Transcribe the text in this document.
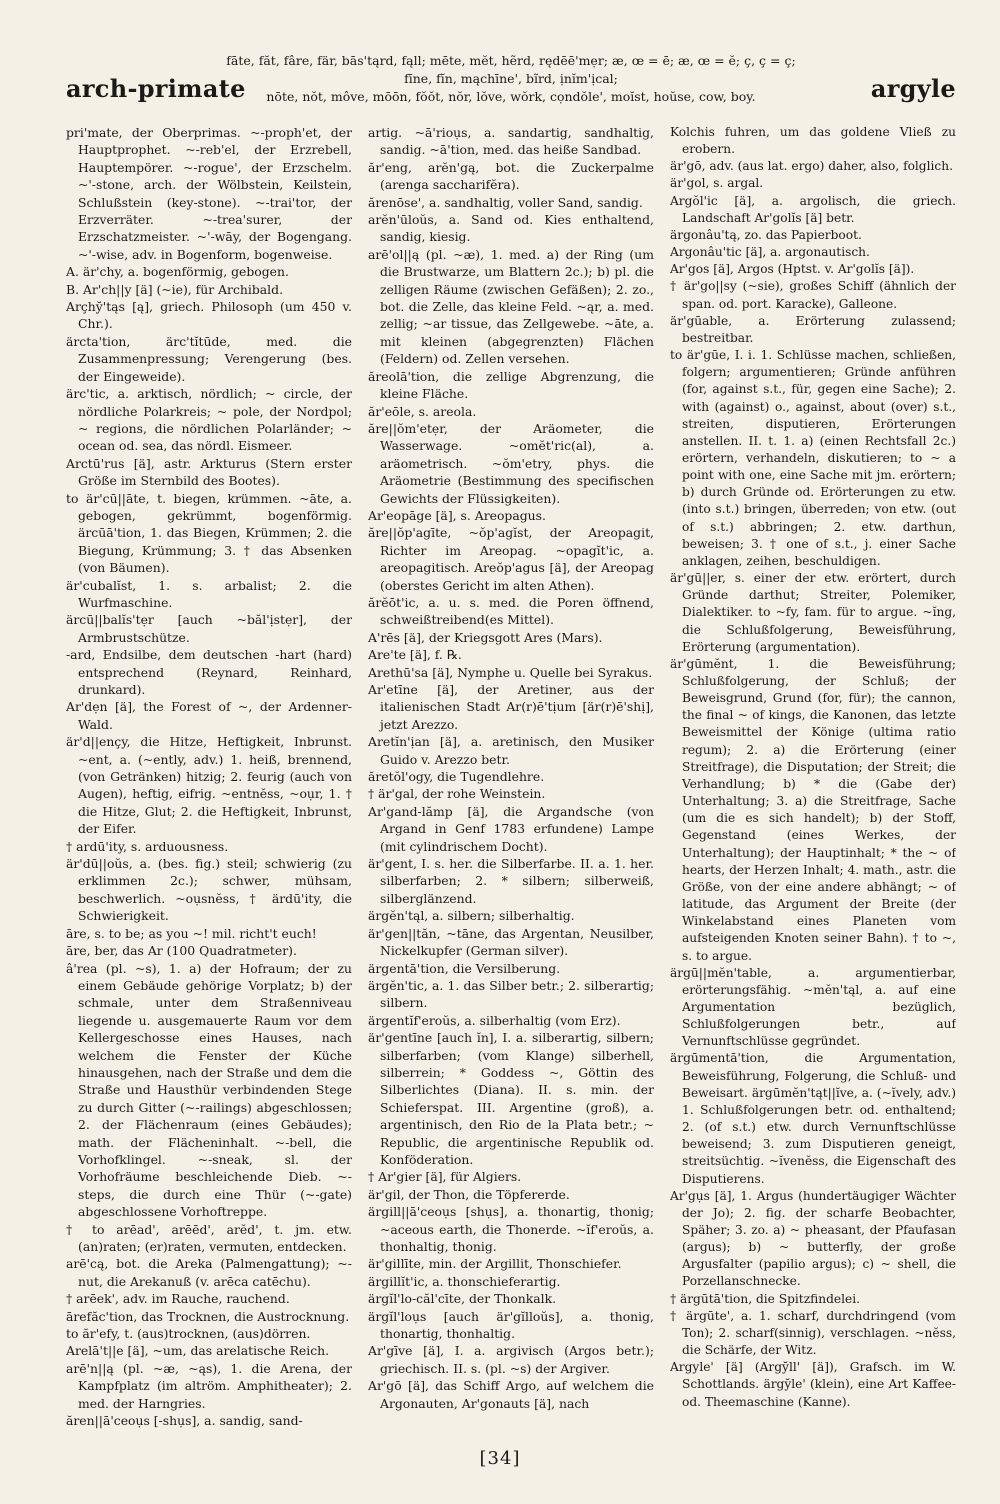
arch-primate
fāte, făt, fâre, fär, bās'tąrd, fąll; mēte, mĕt, hẽrd, rędēē'mẹr; æ, œ = ē; æ, œ = ĕ; ç, ç = ç;
fīne, fĭn, mąchīne', bĩrd, ịnĭm'ịcal;
nōte, nŏt, môve, mōōn, fŏŏt, nŏr, lŏve, wŏrk, cọndŏle', moĭst, hoŭse, cow, boy.	argyle

pri'mate, der Oberprimas. ~-proph'et, der Hauptprophet. ~-reb'el, der Erzrebell, Hauptempörer. ~-rogue', der Erzschelm. ~'-stone, arch. der Wölbstein, Keilstein, Schlußstein (key-stone). ~-trai'tor, der Erzverräter. ~-trea'surer, der Erzschatzmeister. ~'-wāy, der Bogengang. ~'-wise, adv. in Bogenform, bogenweise.

A. är'chy, a. bogenförmig, gebogen.

B. Ar'ch||y [ä] (~ie), für Archibald.

Arçhy̆'tąs [ą], griech. Philosoph (um 450 v. Chr.).

ärcta'tion, ärc'tĭtūde, med. die Zusammenpressung; Verengerung (bes. der Eingeweide).

ärc'tic, a. arktisch, nördlich; ~ circle, der nördliche Polarkreis; ~ pole, der Nordpol; ~ regions, die nördlichen Polarländer; ~ ocean od. sea, das nördl. Eismeer.

Arctū'rus [ä], astr. Arkturus (Stern erster Größe im Sternbild des Bootes).

to är'cū||āte, t. biegen, krümmen. ~āte, a. gebogen, gekrümmt, bogenförmig. ärcūā'tion, 1. das Biegen, Krümmen; 2. die Biegung, Krümmung; 3. † das Absenken (von Bäumen).

är'cubalĭst, 1. s. arbalist; 2. die Wurfmaschine.

ärcū||balĭs'tẹr [auch ~băl'ịstẹr], der Armbrustschütze.

-ard, Endsilbe, dem deutschen -hart (hard) entsprechend (Reynard, Reinhard, drunkard).

Ar'dẹn [ä], the Forest of ~, der Ardenner-Wald.

är'd||ençy, die Hitze, Heftigkeit, Inbrunst. ~ent, a. (~ently, adv.) 1. heiß, brennend, (von Getränken) hitzig; 2. feurig (auch von Augen), heftig, eifrig. ~entnĕss, ~oụr, 1. † die Hitze, Glut; 2. die Heftigkeit, Inbrunst, der Eifer.

† ardū'ity, s. arduousness.

är'dū||oŭs, a. (bes. fig.) steil; schwierig (zu erklimmen 2c.); schwer, mühsam, beschwerlich. ~oụsnĕss, † ärdū'ity, die Schwierigkeit.

āre, s. to be; as you ~! mil. richt't euch!

āre, ber, das Ar (100 Quadratmeter).

â'rea (pl. ~s), 1. a) der Hofraum; der zu einem Gebäude gehörige Vorplatz; b) der schmale, unter dem Straßenniveau liegende u. ausgemauerte Raum vor dem Kellergeschosse eines Hauses, nach welchem die Fenster der Küche hinausgehen, nach der Straße und dem die Straße und Hausthür verbindenden Stege zu durch Gitter (~-railings) abgeschlossen; 2. der Flächenraum (eines Gebäudes); math. der Flächeninhalt. ~-bell, die Vorhofklingel. ~-sneak, sl. der Vorhofräume beschleichende Dieb. ~-steps, die durch eine Thür (~-gate) abgeschlossene Vorhoftreppe.

† to arēad', arēēd', arĕd', t. jm. etw. (an)raten; (er)raten, vermuten, entdecken.

arē'cą, bot. die Areka (Palmengattung); ~-nut, die Arekanuß (v. arēca catēchu).

† arēek', adv. im Rauche, rauchend.

ārefăc'tion, das Trocknen, die Austrocknung.

to ăr'efy, t. (aus)trocknen, (aus)dörren.

Arelā't||e [ä], ~um, das arelatische Reich.

arē'n||ą (pl. ~æ, ~ąs), 1. die Arena, der Kampfplatz (im altröm. Amphitheater); 2. med. der Harngries.

ăren||ā'ceoụs [-shụs], a. sandig, sand-

artig. ~ā'rioụs, a. sandartig, sandhaltig, sandig. ~ā'tion, med. das heiße Sandbad.

ăr'eng, arĕn'gą, bot. die Zuckerpalme (arenga saccharifĕra).

ărenōse', a. sandhaltig, voller Sand, sandig.

arĕn'ūloŭs, a. Sand od. Kies enthaltend, sandig, kiesig.

arē'ol||ą (pl. ~æ), 1. med. a) der Ring (um die Brustwarze, um Blattern 2c.); b) pl. die zelligen Räume (zwischen Gefäßen); 2. zo., bot. die Zelle, das kleine Feld. ~ąr, a. med. zellig; ~ar tissue, das Zellgewebe. ~āte, a. mit kleinen (abgegrenzten) Flächen (Feldern) od. Zellen versehen.

ăreolā'tion, die zellige Abgrenzung, die kleine Fläche.

ăr'eōle, s. areola.

ăre||ŏm'etẹr, der Aräometer, die Wasserwage. ~omĕt'ric(al), a. aräometrisch. ~ŏm'etry, phys. die Aräometrie (Bestimmung des specifischen Gewichts der Flüssigkeiten).

Ar'eopāge [ä], s. Areopagus.

ăre||ŏp'agīte, ~ŏp'agĭst, der Areopagit, Richter im Areopag. ~opagĭt'ic, a. areopagitisch. Areŏp'agus [ä], der Areopag (oberstes Gericht im alten Athen).

ărĕōt'ic, a. u. s. med. die Poren öffnend, schweißtreibend(es Mittel).

A'rēs [ä], der Kriegsgott Ares (Mars).

Are'te [ä], f. ℞.

Arethū'sa [ä], Nymphe u. Quelle bei Syrakus.

Ar'etīne [ä], der Aretiner, aus der italienischen Stadt Ar(r)ē'tịum [är(r)ē'shị], jetzt Arezzo.

Aretĭn'ịan [ä], a. aretinisch, den Musiker Guido v. Arezzo betr.

ăretŏl'ogy, die Tugendlehre.

† är'gal, der rohe Weinstein.

Ar'gand-lămp [ä], die Argandsche (von Argand in Genf 1783 erfundene) Lampe (mit cylindrischem Docht).

är'gent, I. s. her. die Silberfarbe. II. a. 1. her. silberfarben; 2. * silbern; silberweiß, silberglänzend.

ärgĕn'tąl, a. silbern; silberhaltig.

är'gen||tăn, ~tāne, das Argentan, Neusilber, Nickelkupfer (German silver).

ärgentā'tion, die Versilberung.

ärgĕn'tic, a. 1. das Silber betr.; 2. silberartig; silbern.

ärgentĭf'eroŭs, a. silberhaltig (vom Erz).

är'gentīne [auch ĭn], I. a. silberartig, silbern; silberfarben; (vom Klange) silberhell, silberrein; * Goddess ~, Göttin des Silberlichtes (Diana). II. s. min. der Schieferspat. III. Argentine (groß), a. argentinisch, den Rio de la Plata betr.; ~ Republic, die argentinische Republik od. Konföderation.

† Ar'gier [ä], für Algiers.

är'gil, der Thon, die Töpfererde.

ärgill||ā'ceoụs [shụs], a. thonartig, thonig; ~aceous earth, die Thonerde. ~ĭf'eroŭs, a. thonhaltig, thonig.

är'gillīte, min. der Argillit, Thonschiefer.

ärgillĭt'ic, a. thonschieferartig.

ärgĭl'lo-căl'cīte, der Thonkalk.

ärgĭl'loụs [auch är'gĭlloŭs], a. thonig, thonartig, thonhaltig.

Ar'gīve [ä], I. a. argivisch (Argos betr.); griechisch. II. s. (pl. ~s) der Argiver.

Ar'gō [ä], das Schiff Argo, auf welchem die Argonauten, Ar'gonauts [ä], nach

Kolchis fuhren, um das goldene Vließ zu erobern.

är'gō, adv. (aus lat. ergo) daher, also, folglich.

är'gol, s. argal.

Argŏl'ic [ä], a. argolisch, die griech. Landschaft Ar'golĭs [ä] betr.

ärgonâu'tą, zo. das Papierboot.

Argonâu'tic [ä], a. argonautisch.

Ar'gos [ä], Argos (Hptst. v. Ar'golĭs [ä]).

† är'go||sy (~sie), großes Schiff (ähnlich der span. od. port. Karacke), Galleone.

är'gūable, a. Erörterung zulassend; bestreitbar.

to är'gūe, I. i. 1. Schlüsse machen, schließen, folgern; argumentieren; Gründe anführen (for, against s.t., für, gegen eine Sache); 2. with (against) o., against, about (over) s.t., streiten, disputieren, Erörterungen anstellen. II. t. 1. a) (einen Rechtsfall 2c.) erörtern, verhandeln, diskutieren; to ~ a point with one, eine Sache mit jm. erörtern; b) durch Gründe od. Erörterungen zu etw. (into s.t.) bringen, überreden; von etw. (out of s.t.) abbringen; 2. etw. darthun, beweisen; 3. † one of s.t., j. einer Sache anklagen, zeihen, beschuldigen.

är'gū||er, s. einer der etw. erörtert, durch Gründe darthut; Streiter, Polemiker, Dialektiker. to ~fy, fam. für to argue. ~ĭng, die Schlußfolgerung, Beweisführung, Erörterung (argumentation).

är'gūmĕnt, 1. die Beweisführung; Schlußfolgerung, der Schluß; der Beweisgrund, Grund (for, für); the cannon, the final ~ of kings, die Kanonen, das letzte Beweismittel der Könige (ultima ratio regum); 2. a) die Erörterung (einer Streitfrage), die Disputation; der Streit; die Verhandlung; b) * die (Gabe der) Unterhaltung; 3. a) die Streitfrage, Sache (um die es sich handelt); b) der Stoff, Gegenstand (eines Werkes, der Unterhaltung); der Hauptinhalt; * the ~ of hearts, der Herzen Inhalt; 4. math., astr. die Größe, von der eine andere abhängt; ~ of latitude, das Argument der Breite (der Winkelabstand eines Planeten vom aufsteigenden Knoten seiner Bahn). † to ~, s. to argue.

ärgū||mĕn'table, a. argumentierbar, erörterungsfähig. ~mĕn'tąl, a. auf eine Argumentation bezüglich, Schlußfolgerungen betr., auf Vernunftschlüsse gegründet.

ärgūmentā'tion, die Argumentation, Beweisführung, Folgerung, die Schluß- und Beweisart. ärgūmĕn'tąt||ĭve, a. (~ĭvely, adv.) 1. Schlußfolgerungen betr. od. enthaltend; 2. (of s.t.) etw. durch Vernunftschlüsse beweisend; 3. zum Disputieren geneigt, streitsüchtig. ~ĭvenĕss, die Eigenschaft des Disputierens.

Ar'gụs [ä], 1. Argus (hundertäugiger Wächter der Jo); 2. fig. der scharfe Beobachter, Späher; 3. zo. a) ~ pheasant, der Pfaufasan (argus); b) ~ butterfly, der große Argusfalter (papilio argus); c) ~ shell, die Porzellanschnecke.

† ärgūtā'tion, die Spitzfindelei.

† ärgūte', a. 1. scharf, durchdringend (vom Ton); 2. scharf(sinnig), verschlagen. ~nĕss, die Schärfe, der Witz.

Argyle' [ä] (Argy̆ll' [ä]), Grafsch. im W. Schottlands. ärgy̆le' (klein), eine Art Kaffee- od. Theemaschine (Kanne).

[34]
